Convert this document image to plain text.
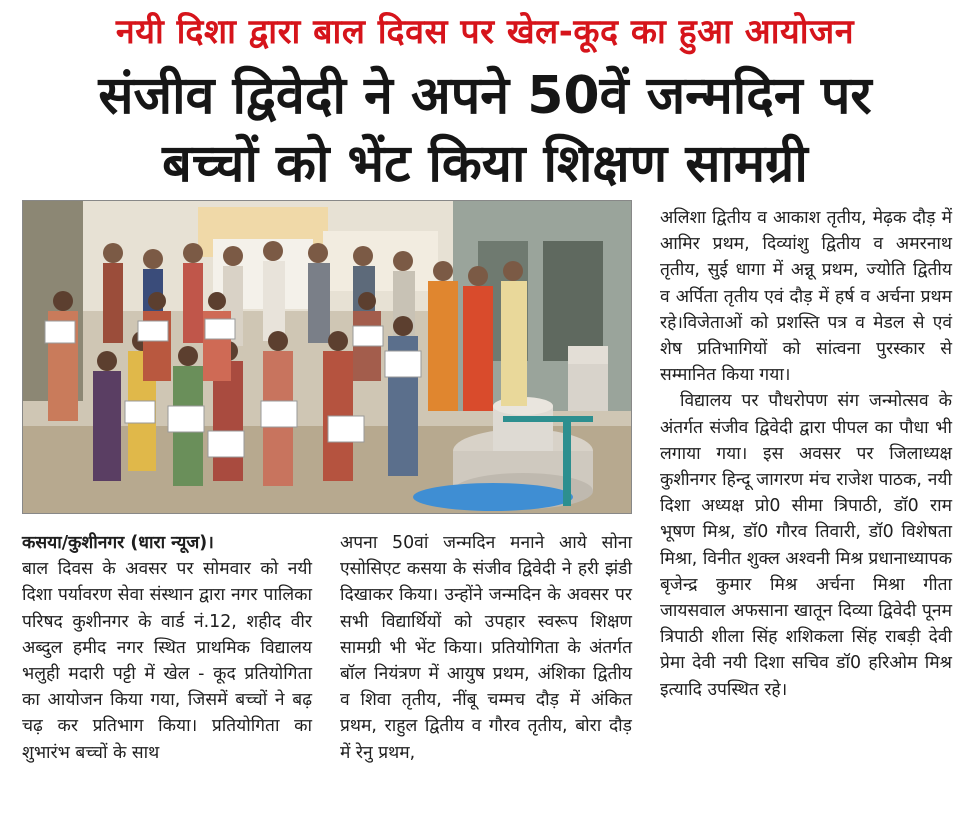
नयी दिशा द्वारा बाल दिवस पर खेल-कूद का हुआ आयोजन
संजीव द्विवेदी ने अपने 50वें जन्मदिन पर
बच्चों को भेंट किया शिक्षण सामग्री

अलिशा द्वितीय व आकाश तृतीय, मेढ़क दौड़ में आमिर प्रथम, दिव्यांशु द्वितीय व अमरनाथ तृतीय, सुई धागा में अन्नू प्रथम, ज्योति द्वितीय व अर्पिता तृतीय एवं दौड़ में हर्ष व अर्चना प्रथम रहे।विजेताओं को प्रशस्ति पत्र व मेडल से एवं शेष प्रतिभागियों को सांत्वना पुरस्कार से सम्मानित किया गया।

विद्यालय पर पौधरोपण संग जन्मोत्सव के अंतर्गत संजीव द्विवेदी द्वारा पीपल का पौधा भी लगाया गया। इस अवसर पर जिलाध्यक्ष कुशीनगर हिन्दू जागरण मंच राजेश पाठक, नयी दिशा अध्यक्ष प्रो0 सीमा त्रिपाठी, डॉ0 राम भूषण मिश्र, डॉ0 गौरव तिवारी, डॉ0 विशेषता मिश्रा, विनीत शुक्ल अश्वनी मिश्र प्रधानाध्यापक बृजेन्द्र कुमार मिश्र अर्चना मिश्रा गीता जायसवाल अफसाना खातून दिव्या द्विवेदी पूनम त्रिपाठी शीला सिंह शशिकला सिंह राबड़ी देवी प्रेमा देवी नयी दिशा सचिव डॉ0 हरिओम मिश्र इत्यादि उपस्थित रहे।

कसया/कुशीनगर (धारा न्यूज)।
बाल दिवस के अवसर पर सोमवार को नयी दिशा पर्यावरण सेवा संस्थान द्वारा नगर पालिका परिषद कुशीनगर के वार्ड नं.12, शहीद वीर अब्दुल हमीद नगर स्थित प्राथमिक विद्यालय भलुही मदारी पट्टी में खेल - कूद प्रतियोगिता का आयोजन किया गया, जिसमें बच्चों ने बढ़ चढ़ कर प्रतिभाग किया। प्रतियोगिता का शुभारंभ बच्चों के साथ

अपना 50वां जन्मदिन मनाने आये सोना एसोसिएट कसया के संजीव द्विवेदी ने हरी झंडी दिखाकर किया। उन्होंने जन्मदिन के अवसर पर सभी विद्यार्थियों को उपहार स्वरूप शिक्षण सामग्री भी भेंट किया। प्रतियोगिता के अंतर्गत बॉल नियंत्रण में आयुष प्रथम, अंशिका द्वितीय व शिवा तृतीय, नींबू चम्मच दौड़ में अंकित प्रथम, राहुल द्वितीय व गौरव तृतीय, बोरा दौड़ में रेनु प्रथम,
